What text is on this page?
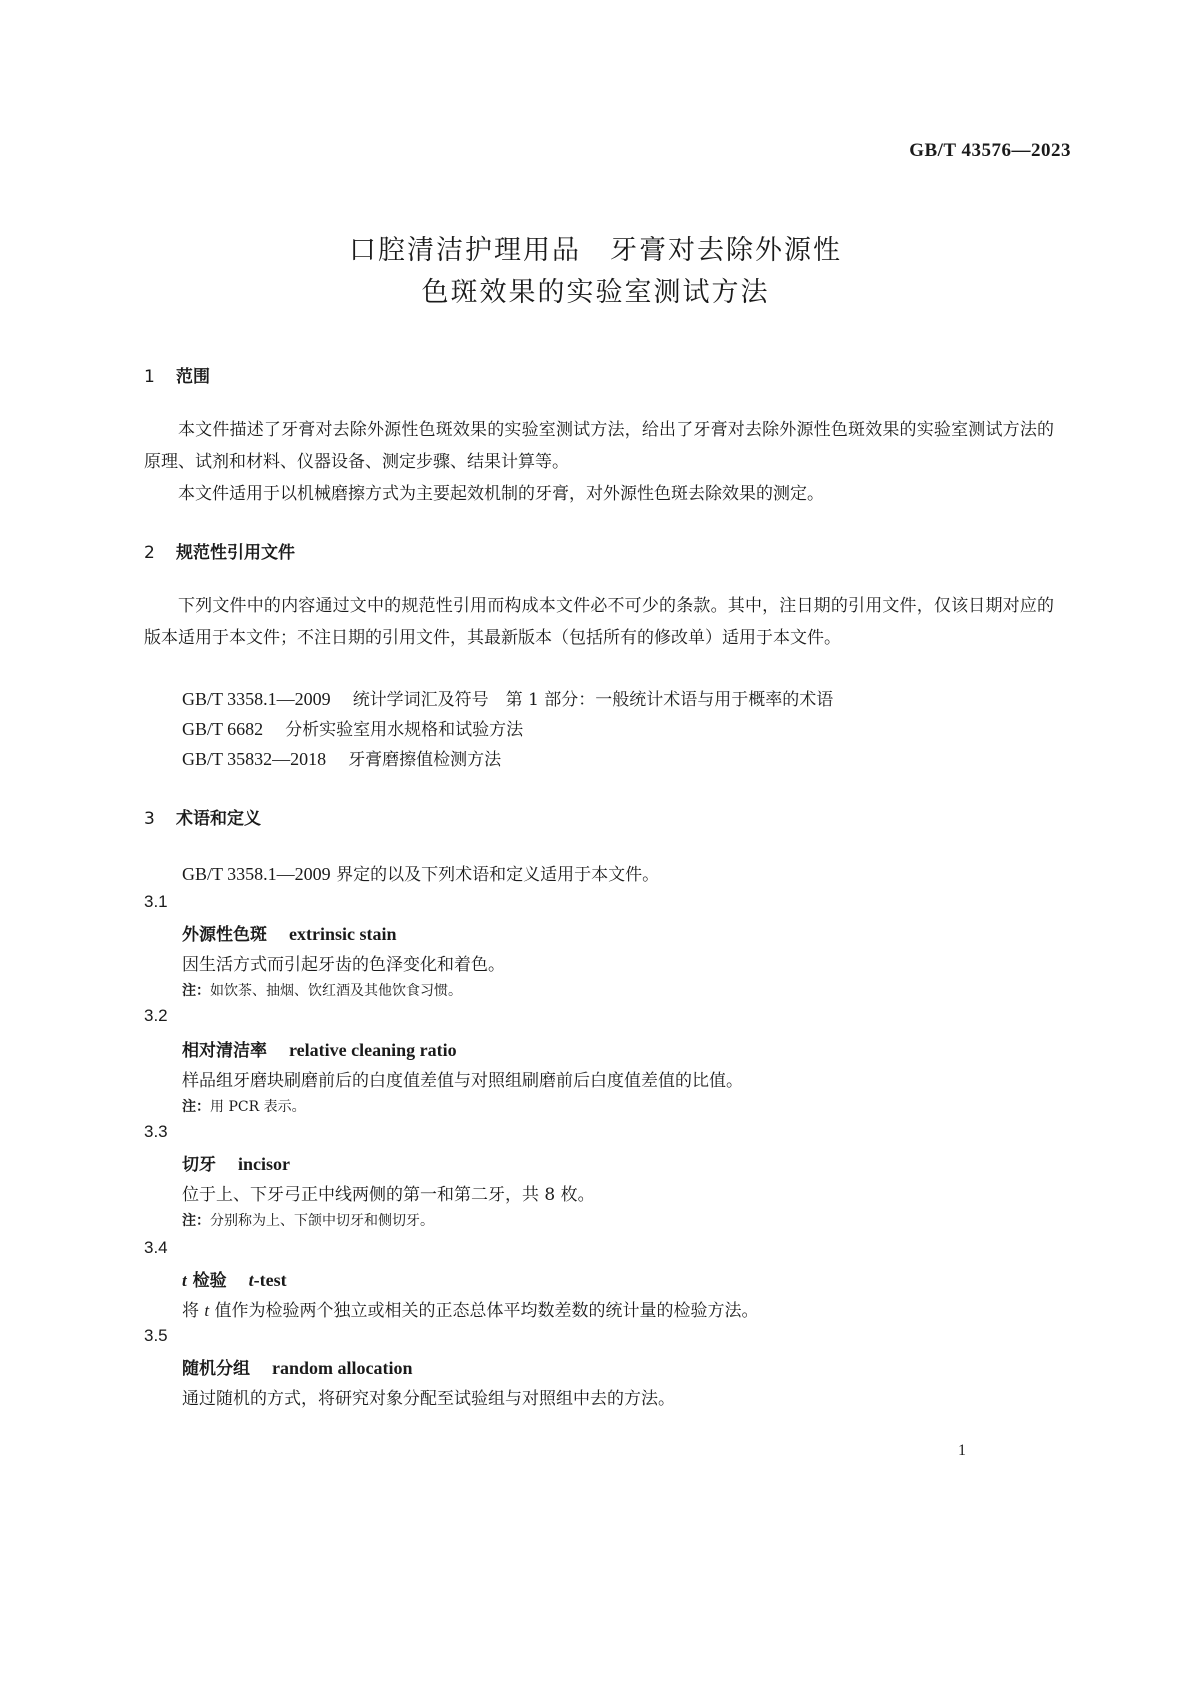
GB/T 43576—2023
口腔清洁护理用品　牙膏对去除外源性
色斑效果的实验室测试方法
1 范围
本文件描述了牙膏对去除外源性色斑效果的实验室测试方法，给出了牙膏对去除外源性色斑效果的实验室测试方法的原理、试剂和材料、仪器设备、测定步骤、结果计算等。
本文件适用于以机械磨擦方式为主要起效机制的牙膏，对外源性色斑去除效果的测定。
2 规范性引用文件
下列文件中的内容通过文中的规范性引用而构成本文件必不可少的条款。其中，注日期的引用文件，仅该日期对应的版本适用于本文件；不注日期的引用文件，其最新版本（包括所有的修改单）适用于本文件。
GB/T 3358.1—2009 统计学词汇及符号　第 1 部分：一般统计术语与用于概率的术语
GB/T 6682 分析实验室用水规格和试验方法
GB/T 35832—2018 牙膏磨擦值检测方法
3 术语和定义
GB/T 3358.1—2009 界定的以及下列术语和定义适用于本文件。
3.1
外源性色斑 extrinsic stain
因生活方式而引起牙齿的色泽变化和着色。
注：如饮茶、抽烟、饮红酒及其他饮食习惯。
3.2
相对清洁率 relative cleaning ratio
样品组牙磨块刷磨前后的白度值差值与对照组刷磨前后白度值差值的比值。
注：用 PCR 表示。
3.3
切牙 incisor
位于上、下牙弓正中线两侧的第一和第二牙，共 8 枚。
注：分别称为上、下颌中切牙和侧切牙。
3.4
t 检验 t-test
将 t 值作为检验两个独立或相关的正态总体平均数差数的统计量的检验方法。
3.5
随机分组 random allocation
通过随机的方式，将研究对象分配至试验组与对照组中去的方法。
1
